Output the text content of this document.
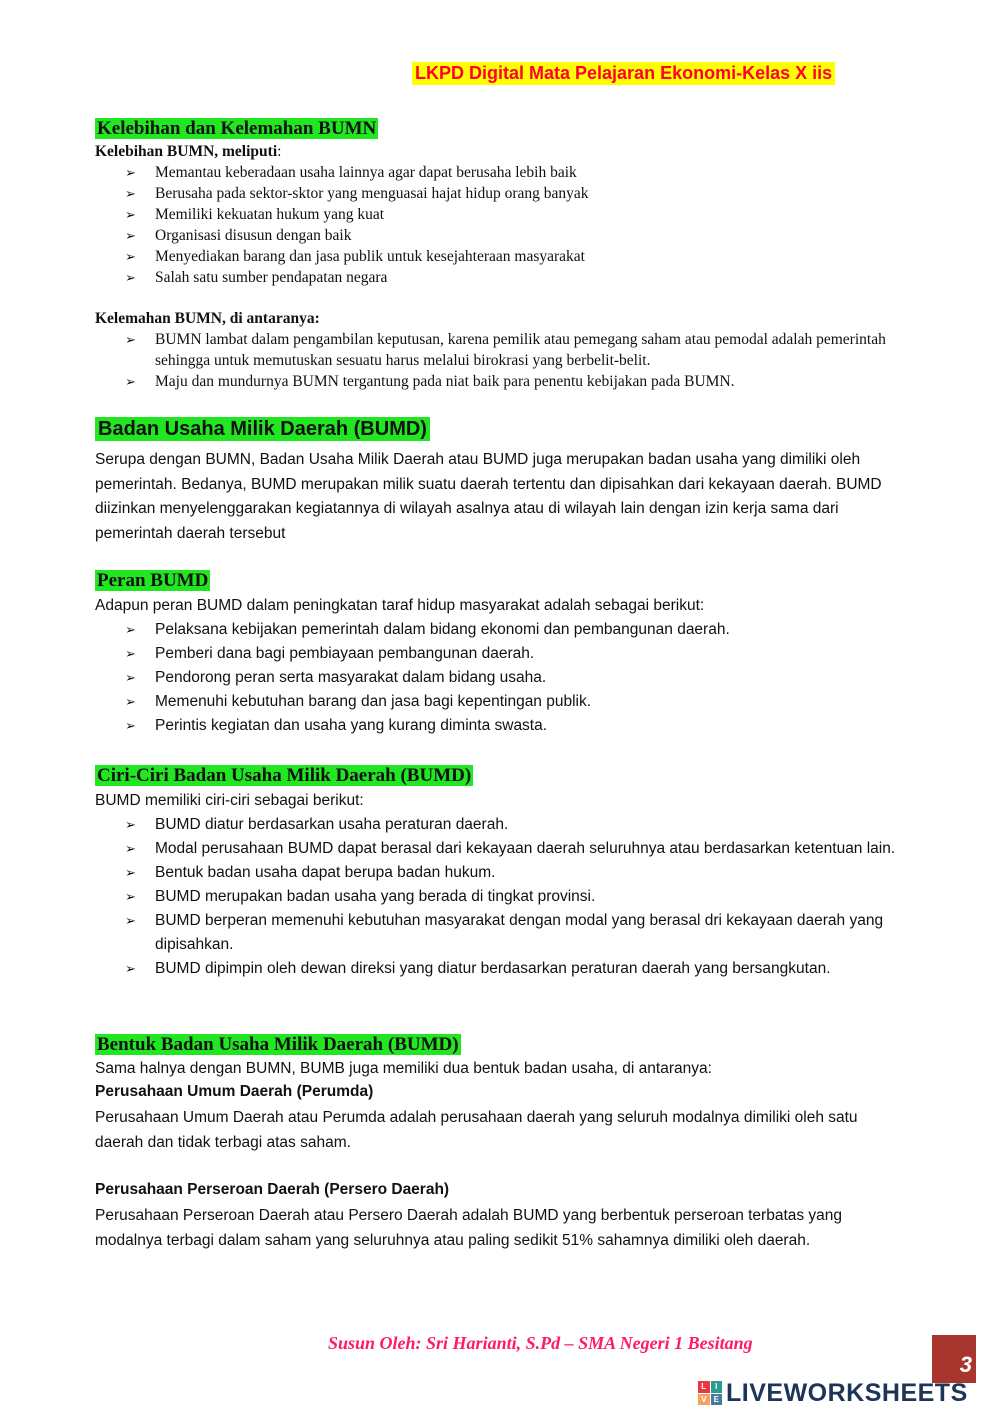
LKPD Digital Mata Pelajaran Ekonomi-Kelas X iis
Kelebihan dan Kelemahan BUMN
Kelebihan BUMN, meliputi:
➢ Memantau keberadaan usaha lainnya agar dapat berusaha lebih baik
➢ Berusaha pada sektor-sktor yang menguasai hajat hidup orang banyak
➢ Memiliki kekuatan hukum yang kuat
➢ Organisasi disusun dengan baik
➢ Menyediakan barang dan jasa publik untuk kesejahteraan masyarakat
➢ Salah satu sumber pendapatan negara
Kelemahan BUMN, di antaranya:
➢ BUMN lambat dalam pengambilan keputusan, karena pemilik atau pemegang saham atau pemodal adalah pemerintah sehingga untuk memutuskan sesuatu harus melalui birokrasi yang berbelit-belit.
➢ Maju dan mundurnya BUMN tergantung pada niat baik para penentu kebijakan pada BUMN.
Badan Usaha Milik Daerah (BUMD)
Serupa dengan BUMN, Badan Usaha Milik Daerah atau BUMD juga merupakan badan usaha yang dimiliki oleh pemerintah. Bedanya, BUMD merupakan milik suatu daerah tertentu dan dipisahkan dari kekayaan daerah. BUMD diizinkan menyelenggarakan kegiatannya di wilayah asalnya atau di wilayah lain dengan izin kerja sama dari pemerintah daerah tersebut
Peran BUMD
Adapun peran BUMD dalam peningkatan taraf hidup masyarakat adalah sebagai berikut:
➢ Pelaksana kebijakan pemerintah dalam bidang ekonomi dan pembangunan daerah.
➢ Pemberi dana bagi pembiayaan pembangunan daerah.
➢ Pendorong peran serta masyarakat dalam bidang usaha.
➢ Memenuhi kebutuhan barang dan jasa bagi kepentingan publik.
➢ Perintis kegiatan dan usaha yang kurang diminta swasta.
Ciri-Ciri Badan Usaha Milik Daerah (BUMD)
BUMD memiliki ciri-ciri sebagai berikut:
➢ BUMD diatur berdasarkan usaha peraturan daerah.
➢ Modal perusahaan BUMD dapat berasal dari kekayaan daerah seluruhnya atau berdasarkan ketentuan lain.
➢ Bentuk badan usaha dapat berupa badan hukum.
➢ BUMD merupakan badan usaha yang berada di tingkat provinsi.
➢ BUMD berperan memenuhi kebutuhan masyarakat dengan modal yang berasal dri kekayaan daerah yang dipisahkan.
➢ BUMD dipimpin oleh dewan direksi yang diatur berdasarkan peraturan daerah yang bersangkutan.
Bentuk Badan Usaha Milik Daerah (BUMD)
Sama halnya dengan BUMN, BUMB juga memiliki dua bentuk badan usaha, di antaranya:
Perusahaan Umum Daerah (Perumda)
Perusahaan Umum Daerah atau Perumda adalah perusahaan daerah yang seluruh modalnya dimiliki oleh satu daerah dan tidak terbagi atas saham.
Perusahaan Perseroan Daerah (Persero Daerah)
Perusahaan Perseroan Daerah atau Persero Daerah adalah BUMD yang berbentuk perseroan terbatas yang modalnya terbagi dalam saham yang seluruhnya atau paling sedikit 51% sahamnya dimiliki oleh daerah.
Susun Oleh: Sri Harianti, S.Pd – SMA Negeri 1 Besitang
3
L	I
V E LIVEWORKSHEETS
